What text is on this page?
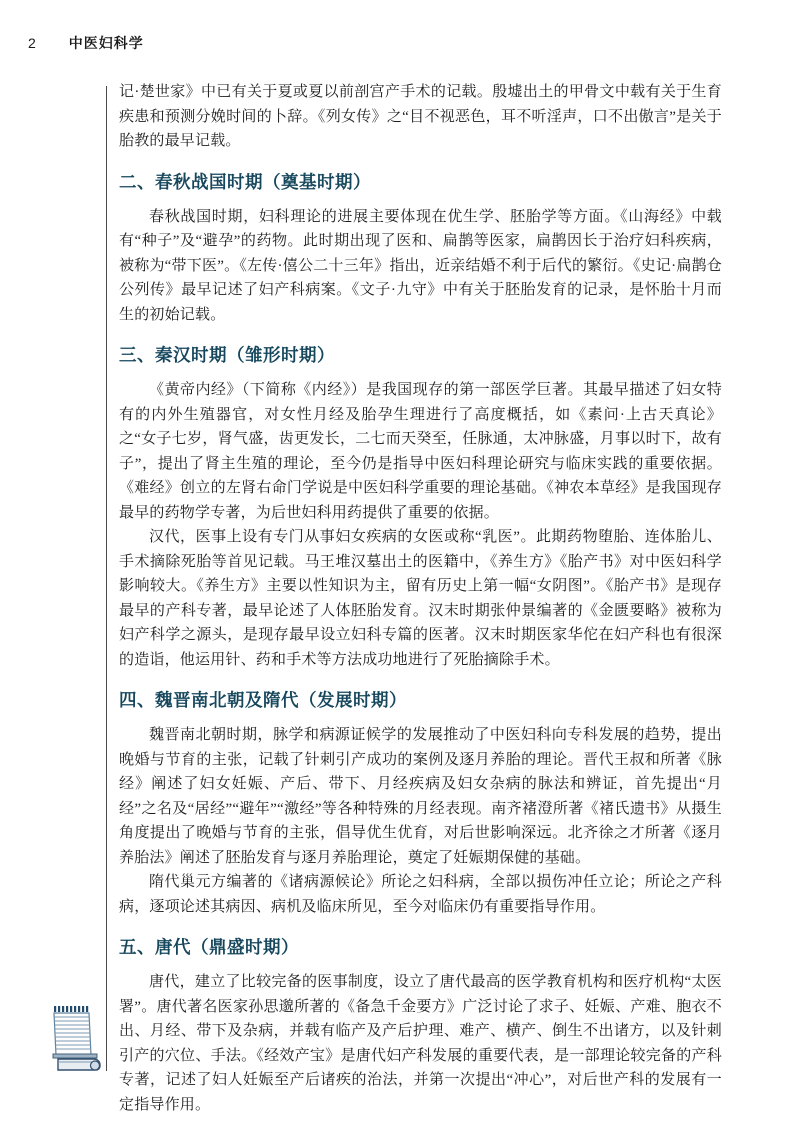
2 中医妇科学

记·楚世家》中已有关于夏或夏以前剖宫产手术的记载。殷墟出土的甲骨文中载有关于生育疾患和预测分娩时间的卜辞。《列女传》之“目不视恶色，耳不听淫声，口不出傲言”是关于胎教的最早记载。

二、春秋战国时期（奠基时期）

春秋战国时期，妇科理论的进展主要体现在优生学、胚胎学等方面。《山海经》中载有“种子”及“避孕”的药物。此时期出现了医和、扁鹊等医家，扁鹊因长于治疗妇科疾病，被称为“带下医”。《左传·僖公二十三年》指出，近亲结婚不利于后代的繁衍。《史记·扁鹊仓公列传》最早记述了妇产科病案。《文子·九守》中有关于胚胎发育的记录，是怀胎十月而生的初始记载。

三、秦汉时期（雏形时期）

《黄帝内经》（下简称《内经》）是我国现存的第一部医学巨著。其最早描述了妇女特有的内外生殖器官，对女性月经及胎孕生理进行了高度概括，如《素问·上古天真论》之“女子七岁，肾气盛，齿更发长，二七而天癸至，任脉通，太冲脉盛，月事以时下，故有子”，提出了肾主生殖的理论，至今仍是指导中医妇科理论研究与临床实践的重要依据。《难经》创立的左肾右命门学说是中医妇科学重要的理论基础。《神农本草经》是我国现存最早的药物学专著，为后世妇科用药提供了重要的依据。

汉代，医事上设有专门从事妇女疾病的女医或称“乳医”。此期药物堕胎、连体胎儿、手术摘除死胎等首见记载。马王堆汉墓出土的医籍中，《养生方》《胎产书》对中医妇科学影响较大。《养生方》主要以性知识为主，留有历史上第一幅“女阴图”。《胎产书》是现存最早的产科专著，最早论述了人体胚胎发育。汉末时期张仲景编著的《金匮要略》被称为妇产科学之源头，是现存最早设立妇科专篇的医著。汉末时期医家华佗在妇产科也有很深的造诣，他运用针、药和手术等方法成功地进行了死胎摘除手术。

四、魏晋南北朝及隋代（发展时期）

魏晋南北朝时期，脉学和病源证候学的发展推动了中医妇科向专科发展的趋势，提出晚婚与节育的主张，记载了针刺引产成功的案例及逐月养胎的理论。晋代王叔和所著《脉经》阐述了妇女妊娠、产后、带下、月经疾病及妇女杂病的脉法和辨证，首先提出“月经”之名及“居经”“避年”“激经”等各种特殊的月经表现。南齐褚澄所著《褚氏遗书》从摄生角度提出了晚婚与节育的主张，倡导优生优育，对后世影响深远。北齐徐之才所著《逐月养胎法》阐述了胚胎发育与逐月养胎理论，奠定了妊娠期保健的基础。

隋代巢元方编著的《诸病源候论》所论之妇科病，全部以损伤冲任立论；所论之产科病，逐项论述其病因、病机及临床所见，至今对临床仍有重要指导作用。

五、唐代（鼎盛时期）

唐代，建立了比较完备的医事制度，设立了唐代最高的医学教育机构和医疗机构“太医署”。唐代著名医家孙思邈所著的《备急千金要方》广泛讨论了求子、妊娠、产难、胞衣不出、月经、带下及杂病，并载有临产及产后护理、难产、横产、倒生不出诸方，以及针刺引产的穴位、手法。《经效产宝》是唐代妇产科发展的重要代表，是一部理论较完备的产科专著，记述了妇人妊娠至产后诸疾的治法，并第一次提出“冲心”，对后世产科的发展有一定指导作用。
